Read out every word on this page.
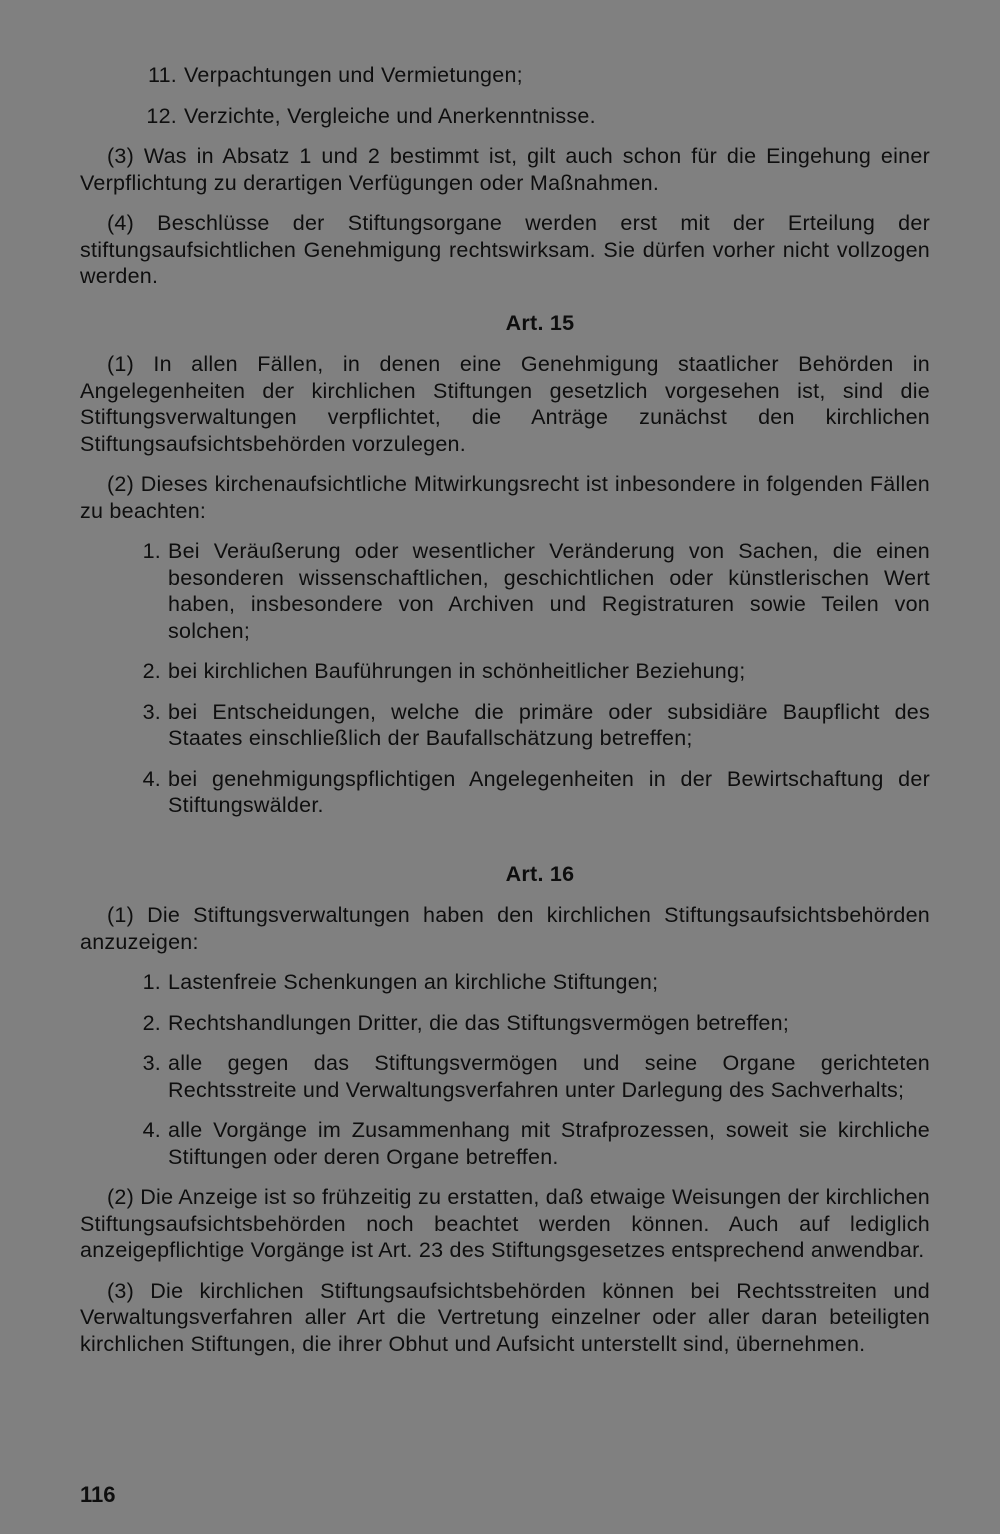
11. Verpachtungen und Vermietungen;
12. Verzichte, Vergleiche und Anerkenntnisse.

(3) Was in Absatz 1 und 2 bestimmt ist, gilt auch schon für die Eingehung einer Verpflichtung zu derartigen Verfügungen oder Maßnahmen.

(4) Beschlüsse der Stiftungsorgane werden erst mit der Erteilung der stiftungsaufsichtlichen Genehmigung rechtswirksam. Sie dürfen vorher nicht vollzogen werden.

Art. 15

(1) In allen Fällen, in denen eine Genehmigung staatlicher Behörden in Angelegenheiten der kirchlichen Stiftungen gesetzlich vorgesehen ist, sind die Stiftungsverwaltungen verpflichtet, die Anträge zunächst den kirchlichen Stiftungsaufsichtsbehörden vorzulegen.

(2) Dieses kirchenaufsichtliche Mitwirkungsrecht ist inbesondere in folgenden Fällen zu beachten:

1. Bei Veräußerung oder wesentlicher Veränderung von Sachen, die einen besonderen wissenschaftlichen, geschichtlichen oder künstlerischen Wert haben, insbesondere von Archiven und Registraturen sowie Teilen von solchen;
2. bei kirchlichen Bauführungen in schönheitlicher Beziehung;
3. bei Entscheidungen, welche die primäre oder subsidiäre Baupflicht des Staates einschließlich der Baufallschätzung betreffen;
4. bei genehmigungspflichtigen Angelegenheiten in der Bewirtschaftung der Stiftungswälder.
Art. 16

(1) Die Stiftungsverwaltungen haben den kirchlichen Stiftungsaufsichtsbehörden anzuzeigen:

1. Lastenfreie Schenkungen an kirchliche Stiftungen;
2. Rechtshandlungen Dritter, die das Stiftungsvermögen betreffen;
3. alle gegen das Stiftungsvermögen und seine Organe gerichteten Rechtsstreite und Verwaltungsverfahren unter Darlegung des Sachverhalts;
4. alle Vorgänge im Zusammenhang mit Strafprozessen, soweit sie kirchliche Stiftungen oder deren Organe betreffen.

(2) Die Anzeige ist so frühzeitig zu erstatten, daß etwaige Weisungen der kirchlichen Stiftungsaufsichtsbehörden noch beachtet werden können. Auch auf lediglich anzeigepflichtige Vorgänge ist Art. 23 des Stiftungsgesetzes entsprechend anwendbar.

(3) Die kirchlichen Stiftungsaufsichtsbehörden können bei Rechtsstreiten und Verwaltungsverfahren aller Art die Vertretung einzelner oder aller daran beteiligten kirchlichen Stiftungen, die ihrer Obhut und Aufsicht unterstellt sind, übernehmen.

116
